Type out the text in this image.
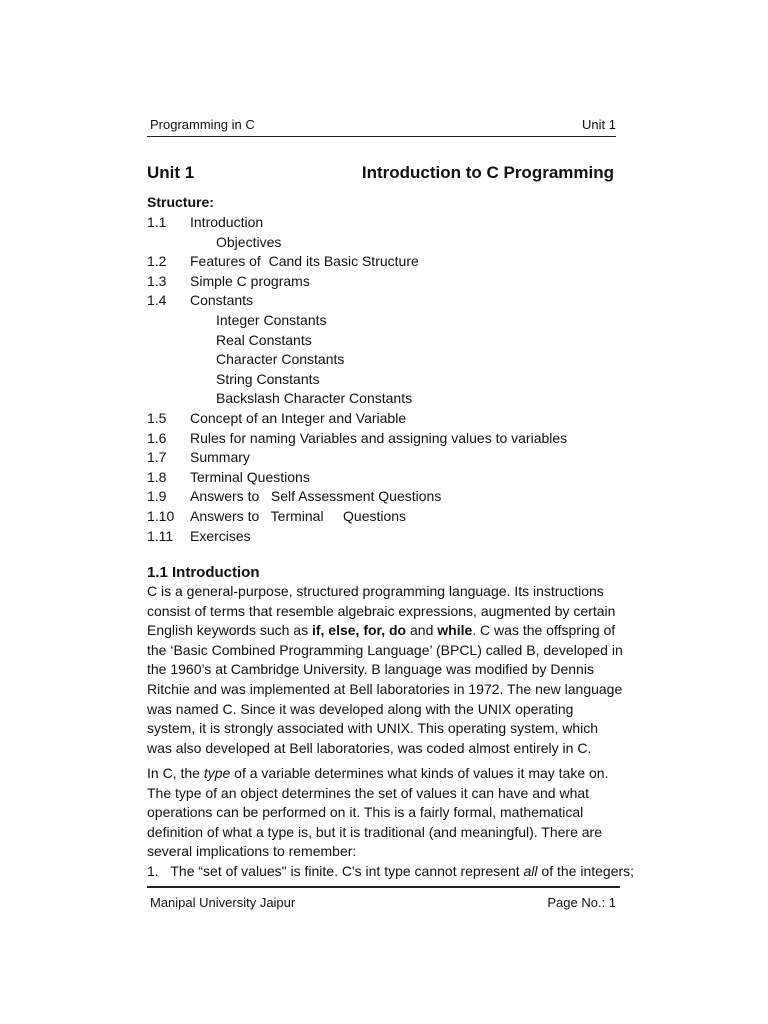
Programming in C	Unit 1
Unit 1	Introduction to C Programming
Structure:
1.1 Introduction
Objectives
1.2 Features of  Cand its Basic Structure
1.3 Simple C programs
1.4 Constants
Integer Constants
Real Constants
Character Constants
String Constants
Backslash Character Constants
1.5 Concept of an Integer and Variable
1.6 Rules for naming Variables and assigning values to variables
1.7 Summary
1.8 Terminal Questions
1.9 Answers to   Self Assessment Questions
1.10 Answers to   Terminal     Questions
1.11 Exercises
1.1 Introduction
C is a general-purpose, structured programming language. Its instructions consist of terms that resemble algebraic expressions, augmented by certain English keywords such as if, else, for, do and while. C was the offspring of the ‘Basic Combined Programming Language’ (BPCL) called B, developed in the 1960’s at Cambridge University. B language was modified by Dennis Ritchie and was implemented at Bell laboratories in 1972. The new language was named C. Since it was developed along with the UNIX operating system, it is strongly associated with UNIX. This operating system, which was also developed at Bell laboratories, was coded almost entirely in C.
In C, the type of a variable determines what kinds of values it may take on. The type of an object determines the set of values it can have and what operations can be performed on it. This is a fairly formal, mathematical definition of what a type is, but it is traditional (and meaningful). There are several implications to remember:
1. The “set of values" is finite. C's int type cannot represent all of the integers;
Manipal University Jaipur	Page No.: 1
